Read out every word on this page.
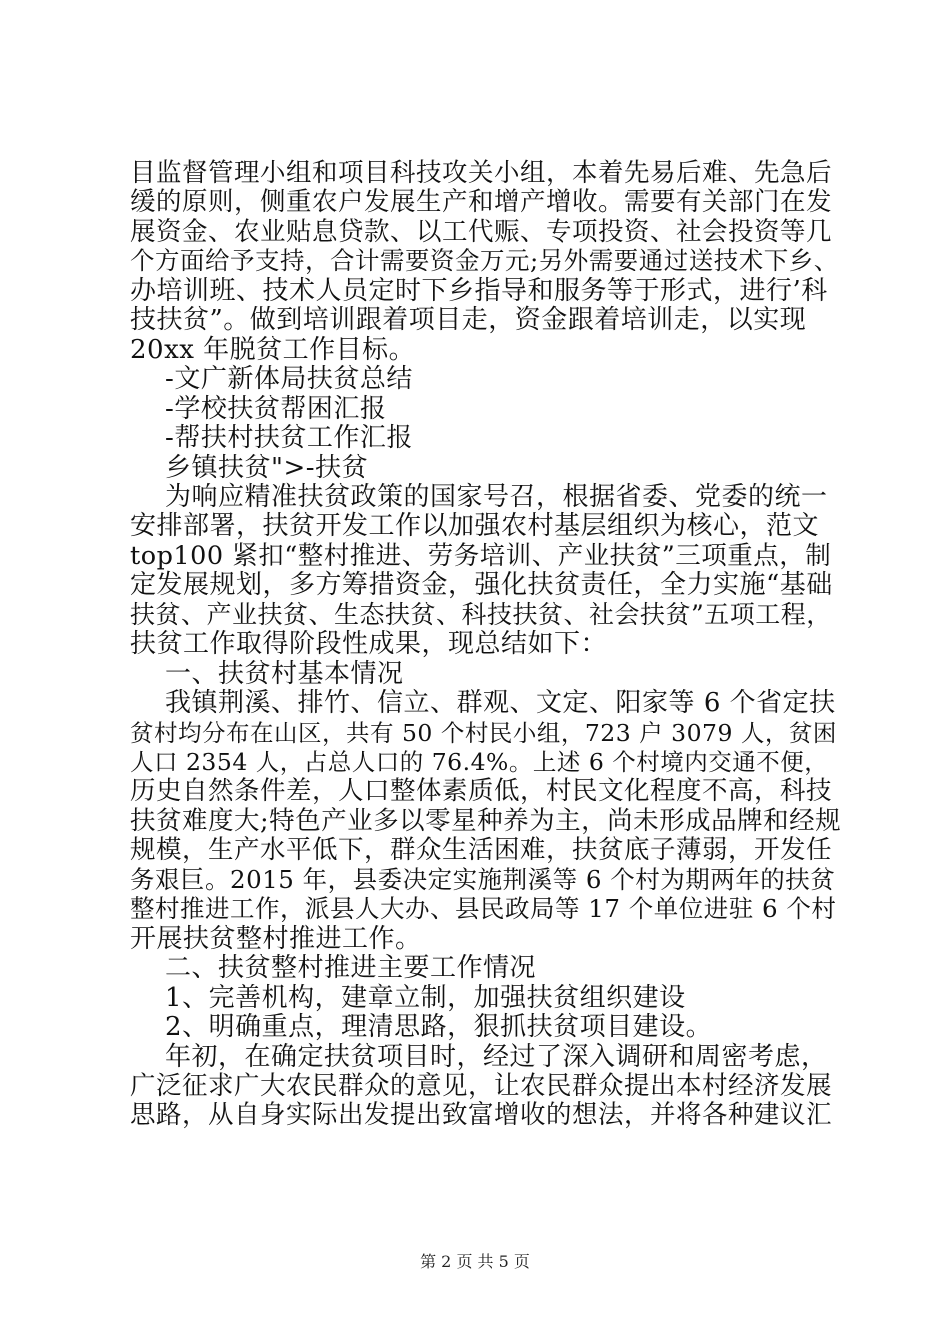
目监督管理小组和项目科技攻关小组，本着先易后难、先急后
缓的原则，侧重农户发展生产和增产增收。需要有关部门在发
展资金、农业贴息贷款、以工代赈、专项投资、社会投资等几
个方面给予支持，合计需要资金万元;另外需要通过送技术下乡、
办培训班、技术人员定时下乡指导和服务等于形式，进行’科
技扶贫”。做到培训跟着项目走，资金跟着培训走，以实现
20xx 年脱贫工作目标。
-文广新体局扶贫总结
-学校扶贫帮困汇报
-帮扶村扶贫工作汇报
乡镇扶贫">-扶贫
为响应精准扶贫政策的国家号召，根据省委、党委的统一
安排部署，扶贫开发工作以加强农村基层组织为核心，范文
top100 紧扣“整村推进、劳务培训、产业扶贫”三项重点，制
定发展规划，多方筹措资金，强化扶贫责任，全力实施“基础
扶贫、产业扶贫、生态扶贫、科技扶贫、社会扶贫”五项工程，
扶贫工作取得阶段性成果，现总结如下：
一、扶贫村基本情况
我镇荆溪、排竹、信立、群观、文定、阳家等 6 个省定扶
贫村均分布在山区，共有 50 个村民小组，723 户 3079 人，贫困
人口 2354 人，占总人口的 76.4%。上述 6 个村境内交通不便，
历史自然条件差，人口整体素质低，村民文化程度不高，科技
扶贫难度大;特色产业多以零星种养为主，尚未形成品牌和经规
规模，生产水平低下，群众生活困难，扶贫底子薄弱，开发任
务艰巨。2015 年，县委决定实施荆溪等 6 个村为期两年的扶贫
整村推进工作，派县人大办、县民政局等 17 个单位进驻 6 个村
开展扶贫整村推进工作。
二、扶贫整村推进主要工作情况
1、完善机构，建章立制，加强扶贫组织建设
2、明确重点，理清思路，狠抓扶贫项目建设。
年初，在确定扶贫项目时，经过了深入调研和周密考虑，
广泛征求广大农民群众的意见，让农民群众提出本村经济发展
思路，从自身实际出发提出致富增收的想法，并将各种建议汇
第 2 页 共 5 页
